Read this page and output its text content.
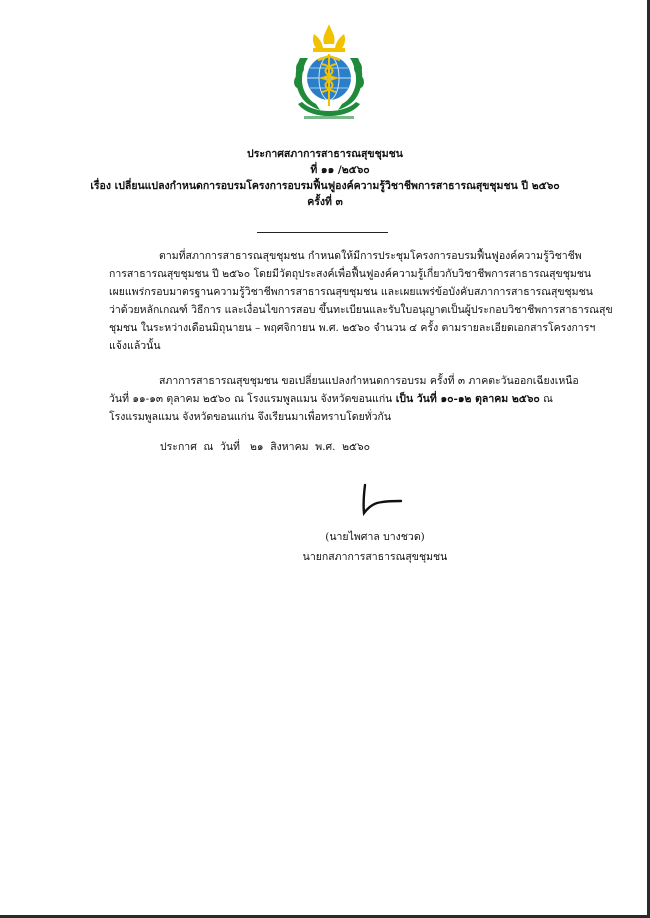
ประกาศสภาการสาธารณสุขชุมชน
ที่ ๑๑ /๒๕๖๐
เรื่อง เปลี่ยนแปลงกำหนดการอบรมโครงการอบรมฟื้นฟูองค์ความรู้วิชาชีพการสาธารณสุขชุมชน ปี ๒๕๖๐
ครั้งที่ ๓
ตามที่สภาการสาธารณสุขชุมชน กำหนดให้มีการประชุมโครงการอบรมฟื้นฟูองค์ความรู้วิชาชีพ
การสาธารณสุขชุมชน ปี ๒๕๖๐ โดยมีวัตถุประสงค์เพื่อฟื้นฟูองค์ความรู้เกี่ยวกับวิชาชีพการสาธารณสุขชุมชน
เผยแพร่กรอบมาตรฐานความรู้วิชาชีพการสาธารณสุขชุมชน และเผยแพร่ข้อบังคับสภาการสาธารณสุขชุมชน
ว่าด้วยหลักเกณฑ์ วิธีการ และเงื่อนไขการสอบ ขึ้นทะเบียนและรับใบอนุญาตเป็นผู้ประกอบวิชาชีพการสาธารณสุข
ชุมชน ในระหว่างเดือนมิถุนายน – พฤศจิกายน พ.ศ. ๒๕๖๐ จำนวน ๔ ครั้ง ตามรายละเอียดเอกสารโครงการฯ
แจ้งแล้วนั้น
สภาการสาธารณสุขชุมชน ขอเปลี่ยนแปลงกำหนดการอบรม ครั้งที่ ๓ ภาคตะวันออกเฉียงเหนือ
วันที่ ๑๑-๑๓ ตุลาคม ๒๕๖๐ ณ โรงแรมพูลแมน จังหวัดขอนแก่น เป็น วันที่ ๑๐-๑๒ ตุลาคม ๒๕๖๐ ณ
โรงแรมพูลแมน จังหวัดขอนแก่น จึงเรียนมาเพื่อทราบโดยทั่วกัน
ประกาศ  ณ  วันที่   ๒๑  สิงหาคม  พ.ศ.  ๒๕๖๐
(นายไพศาล บางชวด)
นายกสภาการสาธารณสุขชุมชน
